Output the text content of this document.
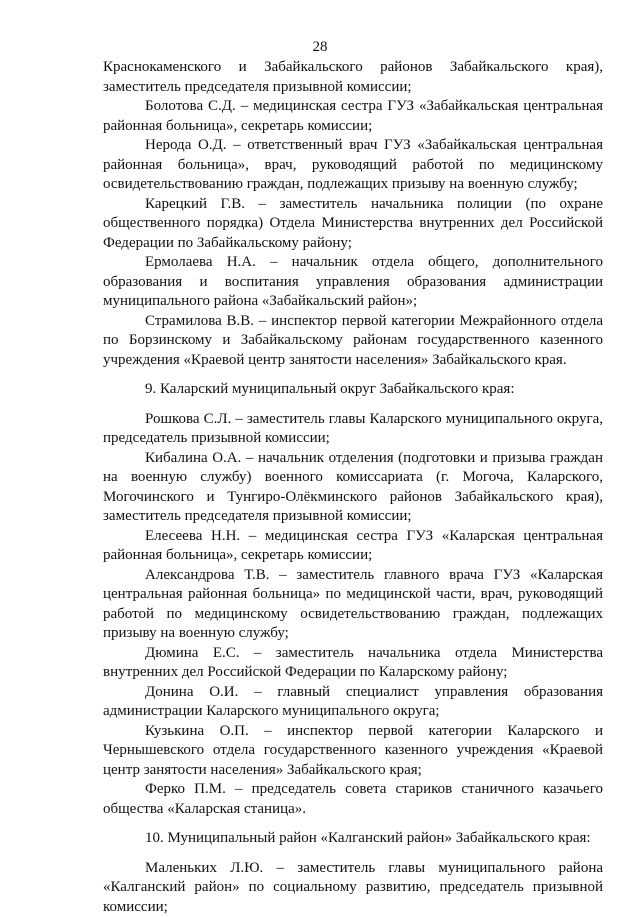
28

Краснокаменского и Забайкальского районов Забайкальского края), заместитель председателя призывной комиссии;

Болотова С.Д. – медицинская сестра ГУЗ «Забайкальская центральная районная больница», секретарь комиссии;

Нерода О.Д. – ответственный врач ГУЗ «Забайкальская центральная районная больница», врач, руководящий работой по медицинскому освидетельствованию граждан, подлежащих призыву на военную службу;

Карецкий Г.В. – заместитель начальника полиции (по охране общественного порядка) Отдела Министерства внутренних дел Российской Федерации по Забайкальскому району;

Ермолаева Н.А. – начальник отдела общего, дополнительного образования и воспитания управления образования администрации муниципального района «Забайкальский район»;

Страмилова В.В. – инспектор первой категории Межрайонного отдела по Борзинскому и Забайкальскому районам государственного казенного учреждения «Краевой центр занятости населения» Забайкальского края.

9. Каларский муниципальный округ Забайкальского края:

Рошкова С.Л. – заместитель главы Каларского муниципального округа, председатель призывной комиссии;

Кибалина О.А. – начальник отделения (подготовки и призыва граждан на военную службу) военного комиссариата (г. Могоча, Каларского, Могочинского и Тунгиро-Олёкминского районов Забайкальского края), заместитель председателя призывной комиссии;

Елесеева Н.Н. – медицинская сестра ГУЗ «Каларская центральная районная больница», секретарь комиссии;

Александрова Т.В. – заместитель главного врача ГУЗ «Каларская центральная районная больница» по медицинской части, врач, руководящий работой по медицинскому освидетельствованию граждан, подлежащих призыву на военную службу;

Дюмина Е.С. – заместитель начальника отдела Министерства внутренних дел Российской Федерации по Каларскому району;

Донина О.И. – главный специалист управления образования администрации Каларского муниципального округа;

Кузькина О.П. – инспектор первой категории Каларского и Чернышевского отдела государственного казенного учреждения «Краевой центр занятости населения» Забайкальского края;

Ферко П.М. – председатель совета стариков станичного казачьего общества «Каларская станица».

10. Муниципальный район «Калганский район» Забайкальского края:

Маленьких Л.Ю. – заместитель главы муниципального района «Калганский район» по социальному развитию, председатель призывной комиссии;
